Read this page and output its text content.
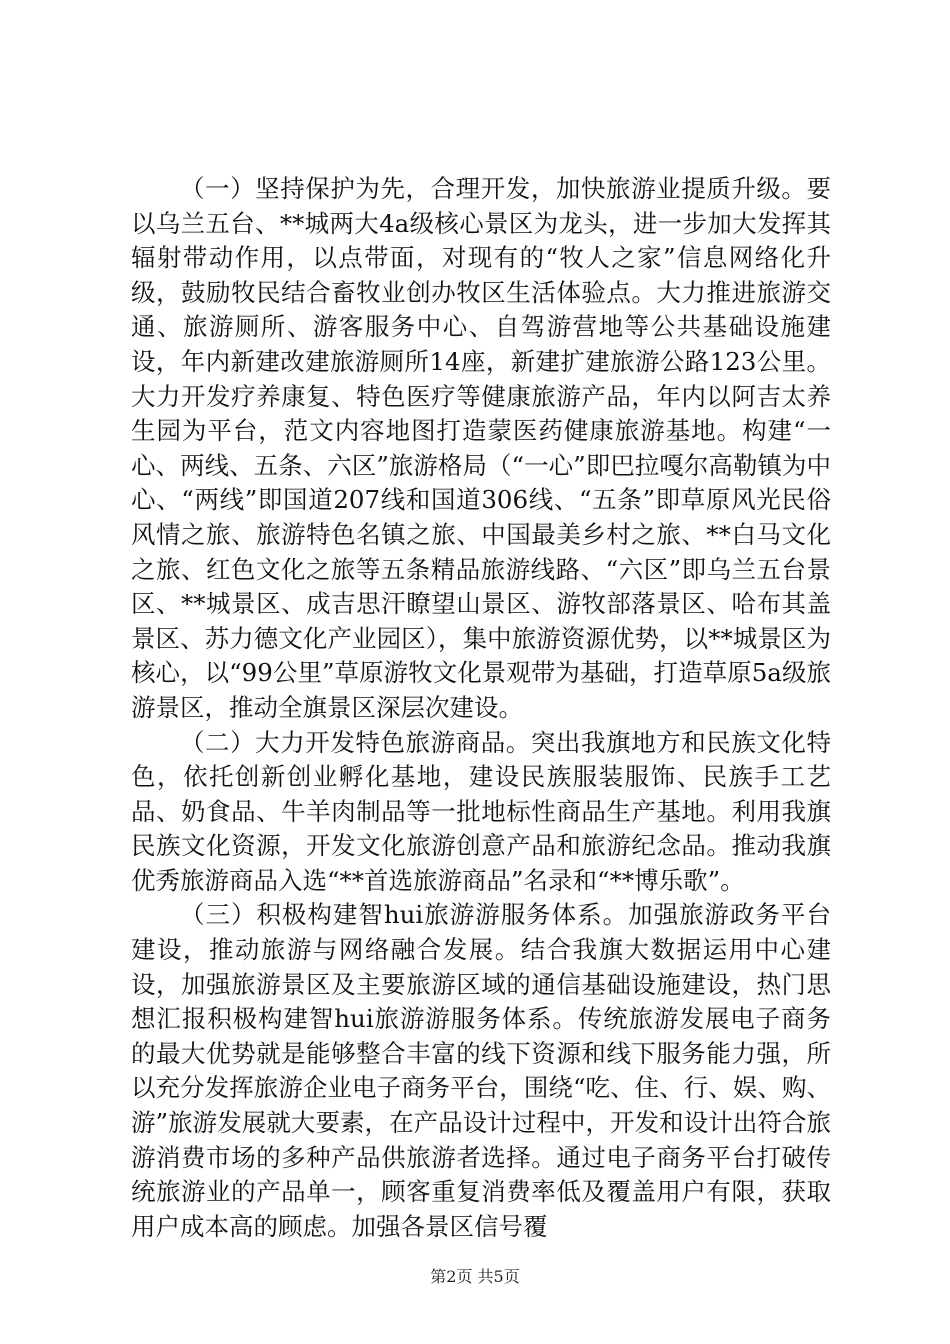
（一）坚持保护为先，合理开发，加快旅游业提质升级。要以乌兰五台、**城两大4a级核心景区为龙头，进一步加大发挥其辐射带动作用，以点带面，对现有的“牧人之家”信息网络化升级，鼓励牧民结合畜牧业创办牧区生活体验点。大力推进旅游交通、旅游厕所、游客服务中心、自驾游营地等公共基础设施建设，年内新建改建旅游厕所14座，新建扩建旅游公路123公里。大力开发疗养康复、特色医疗等健康旅游产品，年内以阿吉太养生园为平台，范文内容地图打造蒙医药健康旅游基地。构建“一心、两线、五条、六区”旅游格局（“一心”即巴拉嘎尔高勒镇为中心、“两线”即国道207线和国道306线、“五条”即草原风光民俗风情之旅、旅游特色名镇之旅、中国最美乡村之旅、**白马文化之旅、红色文化之旅等五条精品旅游线路、“六区”即乌兰五台景区、**城景区、成吉思汗瞭望山景区、游牧部落景区、哈布其盖景区、苏力德文化产业园区），集中旅游资源优势，以**城景区为核心，以“99公里”草原游牧文化景观带为基础，打造草原5a级旅游景区，推动全旗景区深层次建设。

（二）大力开发特色旅游商品。突出我旗地方和民族文化特色，依托创新创业孵化基地，建设民族服装服饰、民族手工艺品、奶食品、牛羊肉制品等一批地标性商品生产基地。利用我旗民族文化资源，开发文化旅游创意产品和旅游纪念品。推动我旗优秀旅游商品入选“**首选旅游商品”名录和“**博乐歌”。

（三）积极构建智hui旅游游服务体系。加强旅游政务平台建设，推动旅游与网络融合发展。结合我旗大数据运用中心建设，加强旅游景区及主要旅游区域的通信基础设施建设，热门思想汇报积极构建智hui旅游游服务体系。传统旅游发展电子商务的最大优势就是能够整合丰富的线下资源和线下服务能力强，所以充分发挥旅游企业电子商务平台，围绕“吃、住、行、娱、购、游”旅游发展就大要素，在产品设计过程中，开发和设计出符合旅游消费市场的多种产品供旅游者选择。通过电子商务平台打破传统旅游业的产品单一，顾客重复消费率低及覆盖用户有限，获取用户成本高的顾虑。加强各景区信号覆

第2页 共5页
